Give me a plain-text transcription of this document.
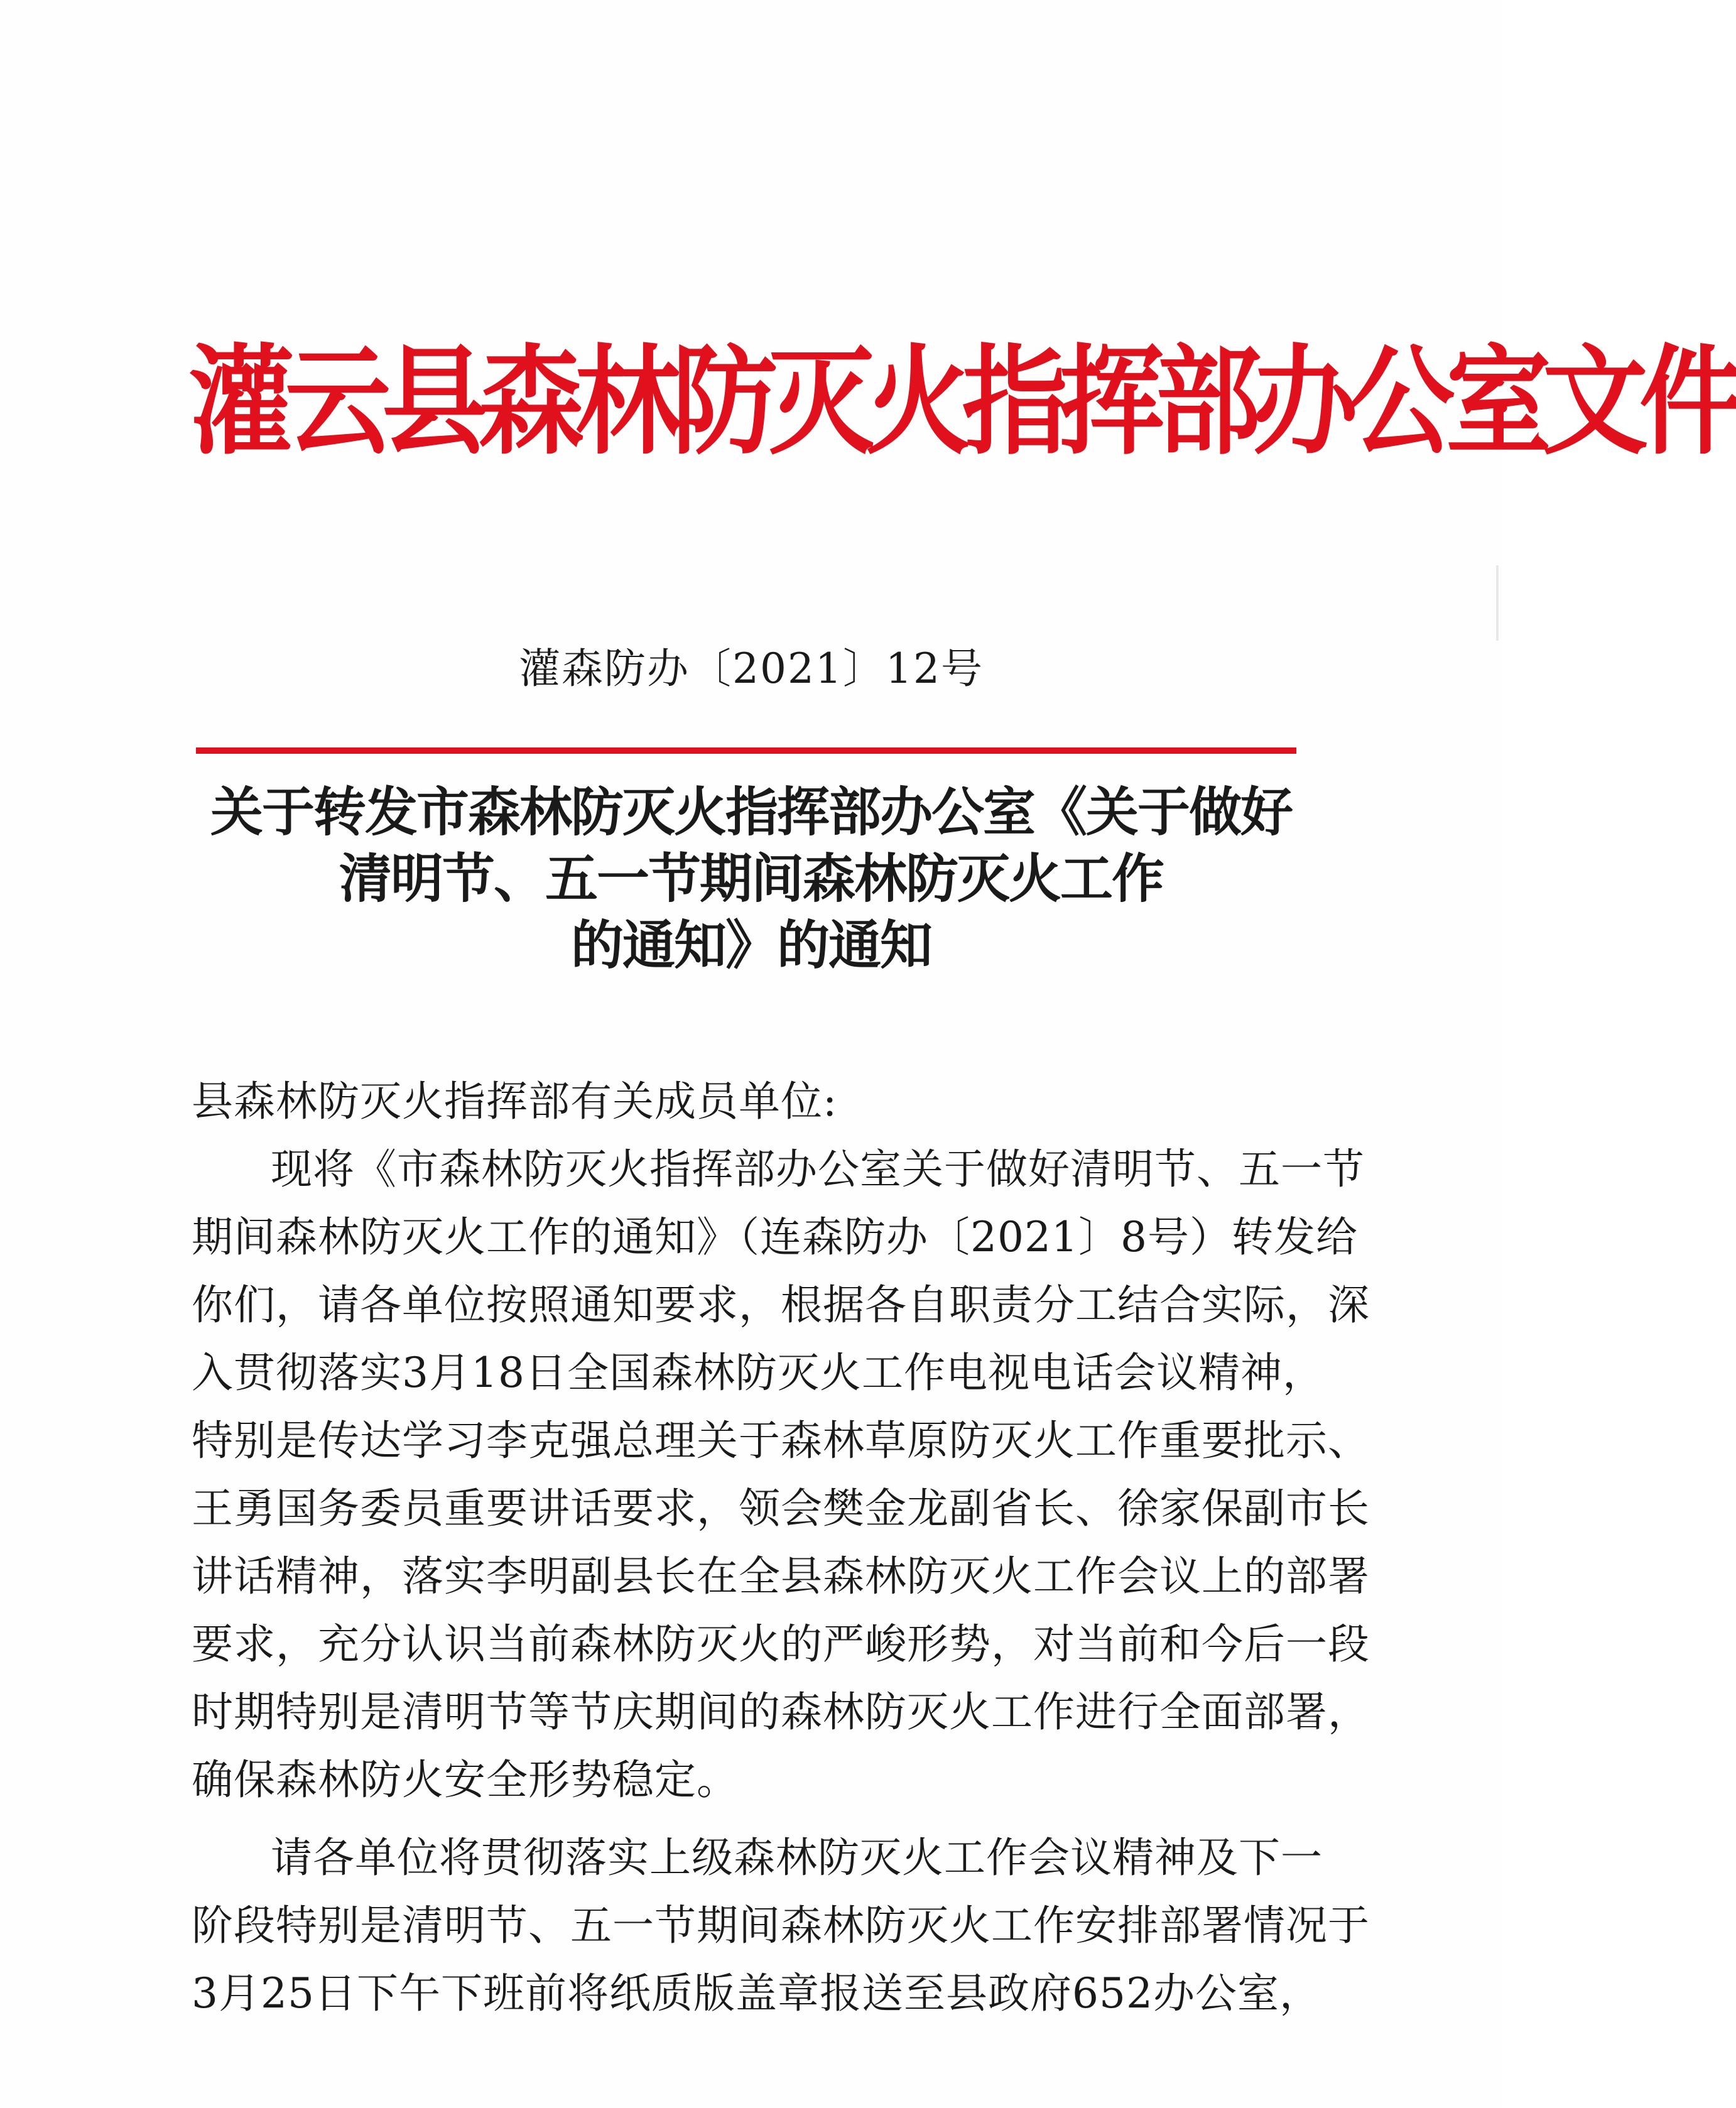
灌云县森林防灭火指挥部办公室文件
灌森防办〔2021〕12号
关于转发市森林防灭火指挥部办公室《关于做好
清明节、五一节期间森林防灭火工作
的通知》的通知
县森林防灭火指挥部有关成员单位:
现将《市森林防灭火指挥部办公室关于做好清明节、五一节
期间森林防灭火工作的通知》（连森防办〔2021〕8号）转发给
你们，请各单位按照通知要求，根据各自职责分工结合实际，深
入贯彻落实3月18日全国森林防灭火工作电视电话会议精神，
特别是传达学习李克强总理关于森林草原防灭火工作重要批示、
王勇国务委员重要讲话要求，领会樊金龙副省长、徐家保副市长
讲话精神，落实李明副县长在全县森林防灭火工作会议上的部署
要求，充分认识当前森林防灭火的严峻形势，对当前和今后一段
时期特别是清明节等节庆期间的森林防灭火工作进行全面部署，
确保森林防火安全形势稳定。
请各单位将贯彻落实上级森林防灭火工作会议精神及下一
阶段特别是清明节、五一节期间森林防灭火工作安排部署情况于
3月25日下午下班前将纸质版盖章报送至县政府652办公室，
